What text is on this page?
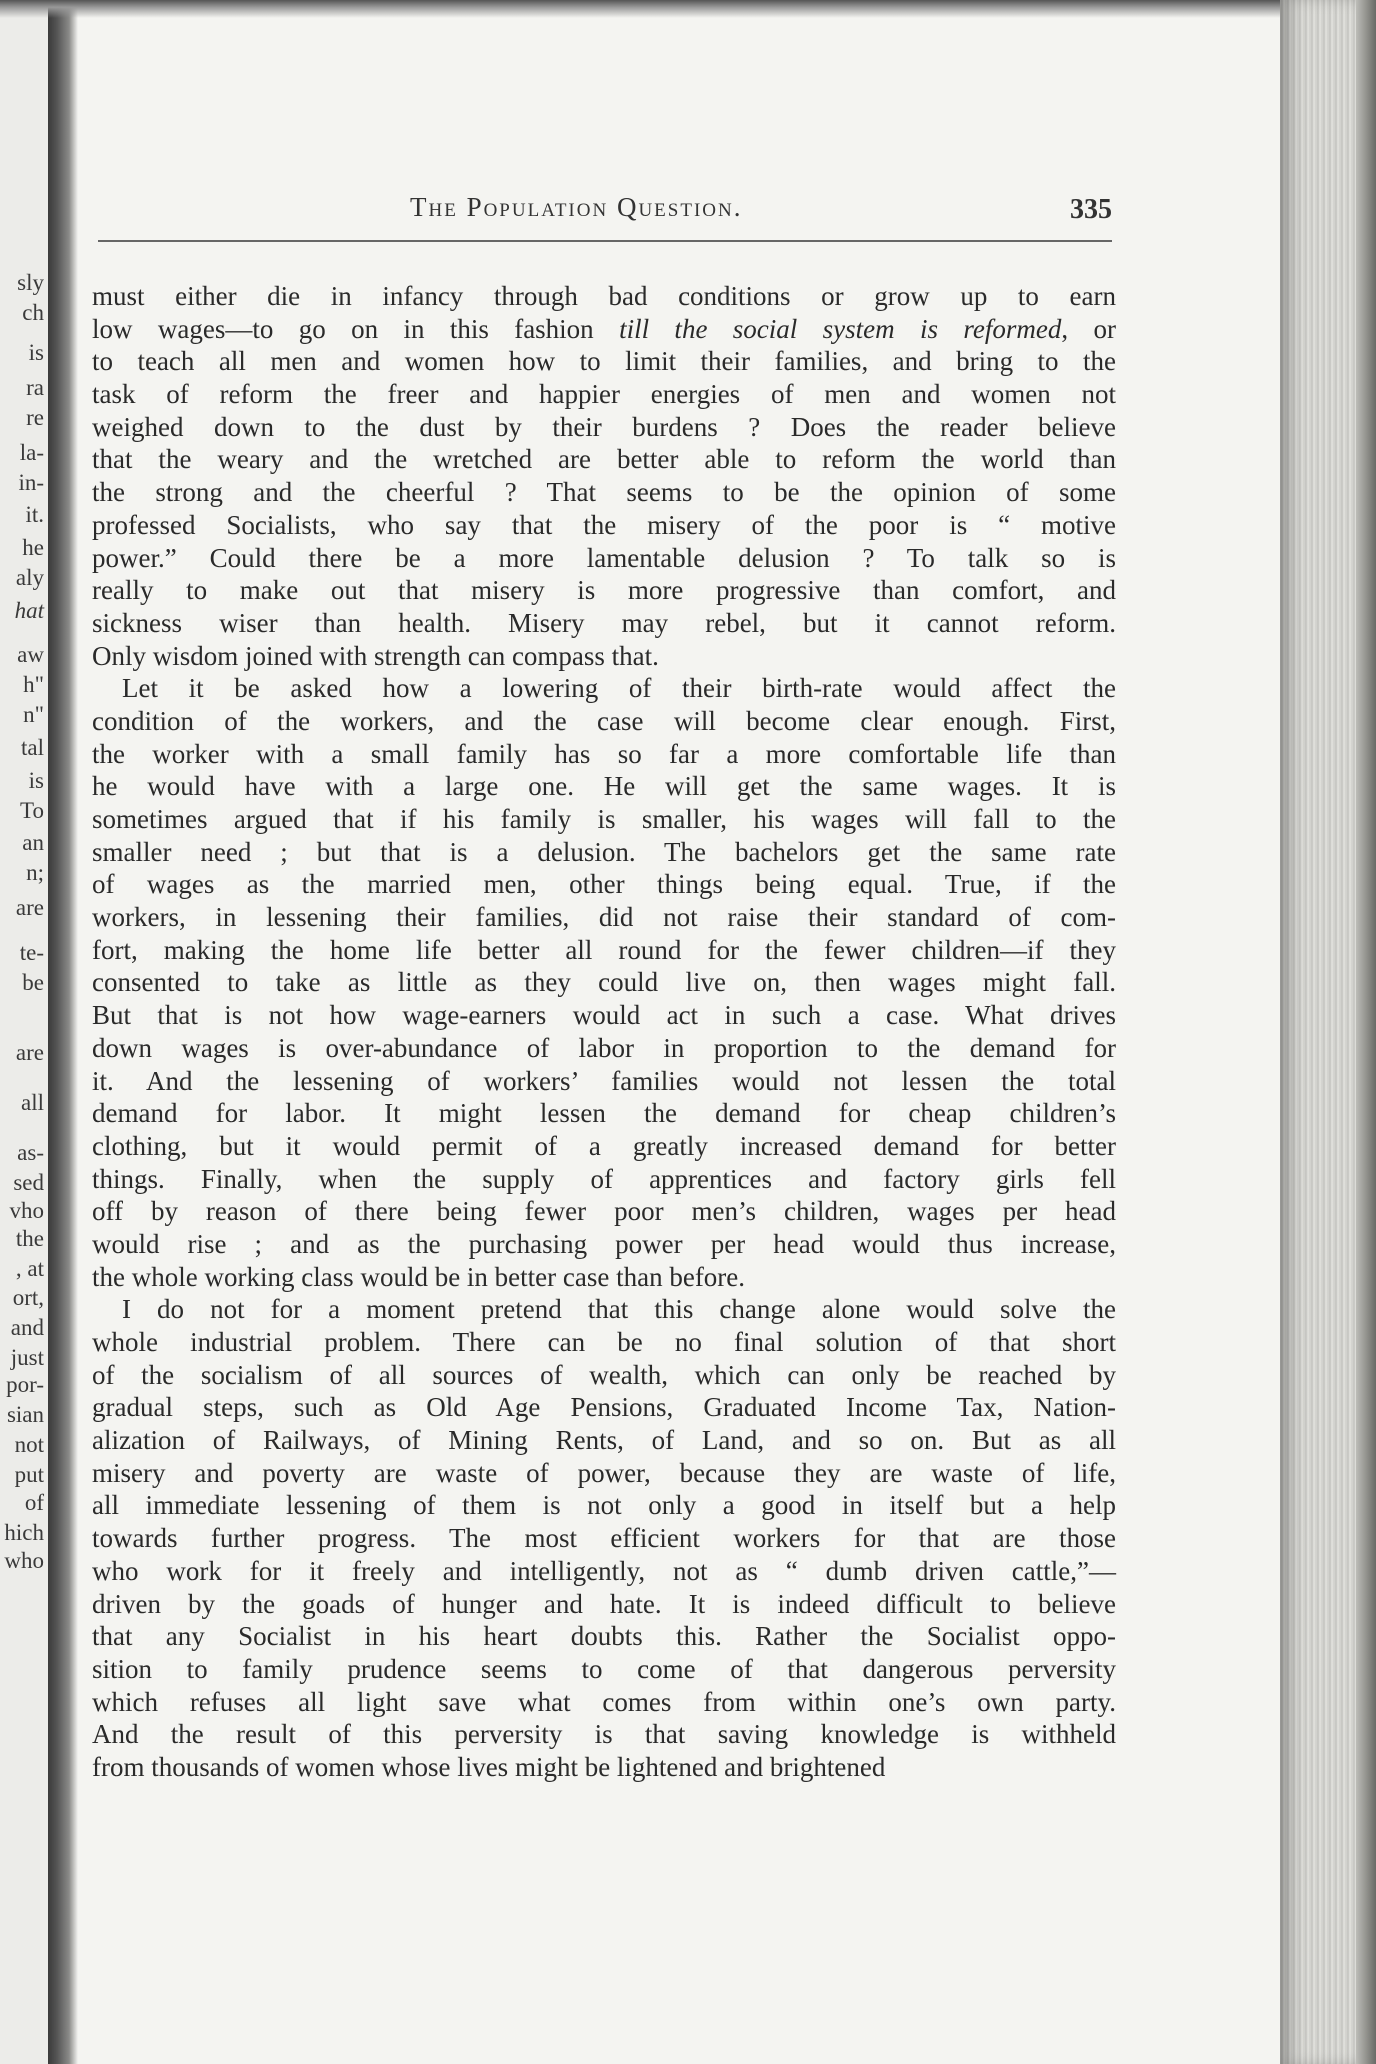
sly
ch
is
ra
re
la-
in-
it.
he
aly
hat
aw
h"
n"
tal
is
To
an
n;
are
te-
be
are
all
as-
sed
vho
the
, at
ort,
and
just
por-
sian
not
put
of
hich
who
The Population Question.	335
must either die in infancy through bad conditions or grow up to earn
low wages—to go on in this fashion till the social system is reformed, or
to teach all men and women how to limit their families, and bring to the
task of reform the freer and happier energies of men and women not
weighed down to the dust by their burdens ? Does the reader believe
that the weary and the wretched are better able to reform the world than
the strong and the cheerful ? That seems to be the opinion of some
professed Socialists, who say that the misery of the poor is “ motive
power.” Could there be a more lamentable delusion ? To talk so is
really to make out that misery is more progressive than comfort, and
sickness wiser than health. Misery may rebel, but it cannot reform.
Only wisdom joined with strength can compass that.
Let it be asked how a lowering of their birth-rate would affect the
condition of the workers, and the case will become clear enough. First,
the worker with a small family has so far a more comfortable life than
he would have with a large one. He will get the same wages. It is
sometimes argued that if his family is smaller, his wages will fall to the
smaller need ; but that is a delusion. The bachelors get the same rate
of wages as the married men, other things being equal. True, if the
workers, in lessening their families, did not raise their standard of com-
fort, making the home life better all round for the fewer children—if they
consented to take as little as they could live on, then wages might fall.
But that is not how wage-earners would act in such a case. What drives
down wages is over-abundance of labor in proportion to the demand for
it. And the lessening of workers’ families would not lessen the total
demand for labor. It might lessen the demand for cheap children’s
clothing, but it would permit of a greatly increased demand for better
things. Finally, when the supply of apprentices and factory girls fell
off by reason of there being fewer poor men’s children, wages per head
would rise ; and as the purchasing power per head would thus increase,
the whole working class would be in better case than before.
I do not for a moment pretend that this change alone would solve the
whole industrial problem. There can be no final solution of that short
of the socialism of all sources of wealth, which can only be reached by
gradual steps, such as Old Age Pensions, Graduated Income Tax, Nation-
alization of Railways, of Mining Rents, of Land, and so on. But as all
misery and poverty are waste of power, because they are waste of life,
all immediate lessening of them is not only a good in itself but a help
towards further progress. The most efficient workers for that are those
who work for it freely and intelligently, not as “ dumb driven cattle,”—
driven by the goads of hunger and hate. It is indeed difficult to believe
that any Socialist in his heart doubts this. Rather the Socialist oppo-
sition to family prudence seems to come of that dangerous perversity
which refuses all light save what comes from within one’s own party.
And the result of this perversity is that saving knowledge is withheld
from thousands of women whose lives might be lightened and brightened
